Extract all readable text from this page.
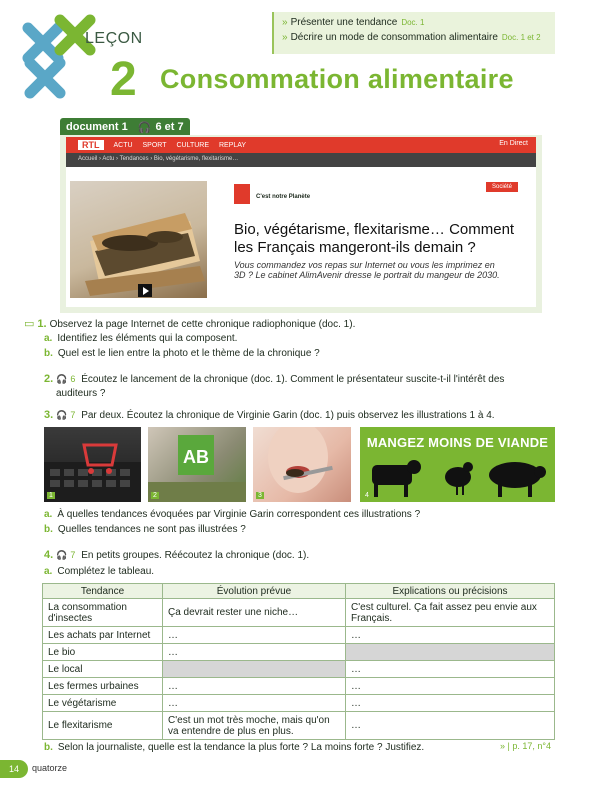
LEÇON
2 Consommation alimentaire
» Présenter une tendance Doc. 1
» Décrire un mode de consommation alimentaire Doc. 1 et 2
document 1 🎧 6 et 7
RTL	ACTU SPORT CULTURE REPLAY	En Direct
Accueil › Actu › Tendances › Bio, végétarisme, flexitarisme…
C'est notre Planète
Société
Bio, végétarisme, flexitarisme… Comment les Français mangeront-ils demain ?
Vous commandez vos repas sur Internet ou vous les imprimez en 3D ? Le cabinet AlimAvenir dresse le portrait du mangeur de 2030.
▭ 1. Observez la page Internet de cette chronique radiophonique (doc. 1).
a. Identifiez les éléments qui la composent.
b. Quel est le lien entre la photo et le thème de la chronique ?
2. 🎧 6 Écoutez le lancement de la chronique (doc. 1). Comment le présentateur suscite-t-il l'intérêt des
auditeurs ?
3. 🎧 7 Par deux. Écoutez la chronique de Virginie Garin (doc. 1) puis observez les illustrations 1 à 4.
1
AB
2	3
MANGEZ MOINS DE VIANDE
4
a. À quelles tendances évoquées par Virginie Garin correspondent ces illustrations ?
b. Quelles tendances ne sont pas illustrées ?
4. 🎧 7 En petits groupes. Réécoutez la chronique (doc. 1).
a. Complétez le tableau.
Tendance	Évolution prévue	Explications ou précisions
La consommation d'insectes	Ça devrait rester une niche…	C'est culturel. Ça fait assez peu envie aux Français.
Les achats par Internet	…	…
Le bio	…	
Le local		…
Les fermes urbaines	…	…
Le végétarisme	…	…
Le flexitarisme	C'est un mot très moche, mais qu'on va entendre de plus en plus.	…
b. Selon la journaliste, quelle est la tendance la plus forte ? La moins forte ? Justifiez.	» | p. 17, n°4
14	quatorze
